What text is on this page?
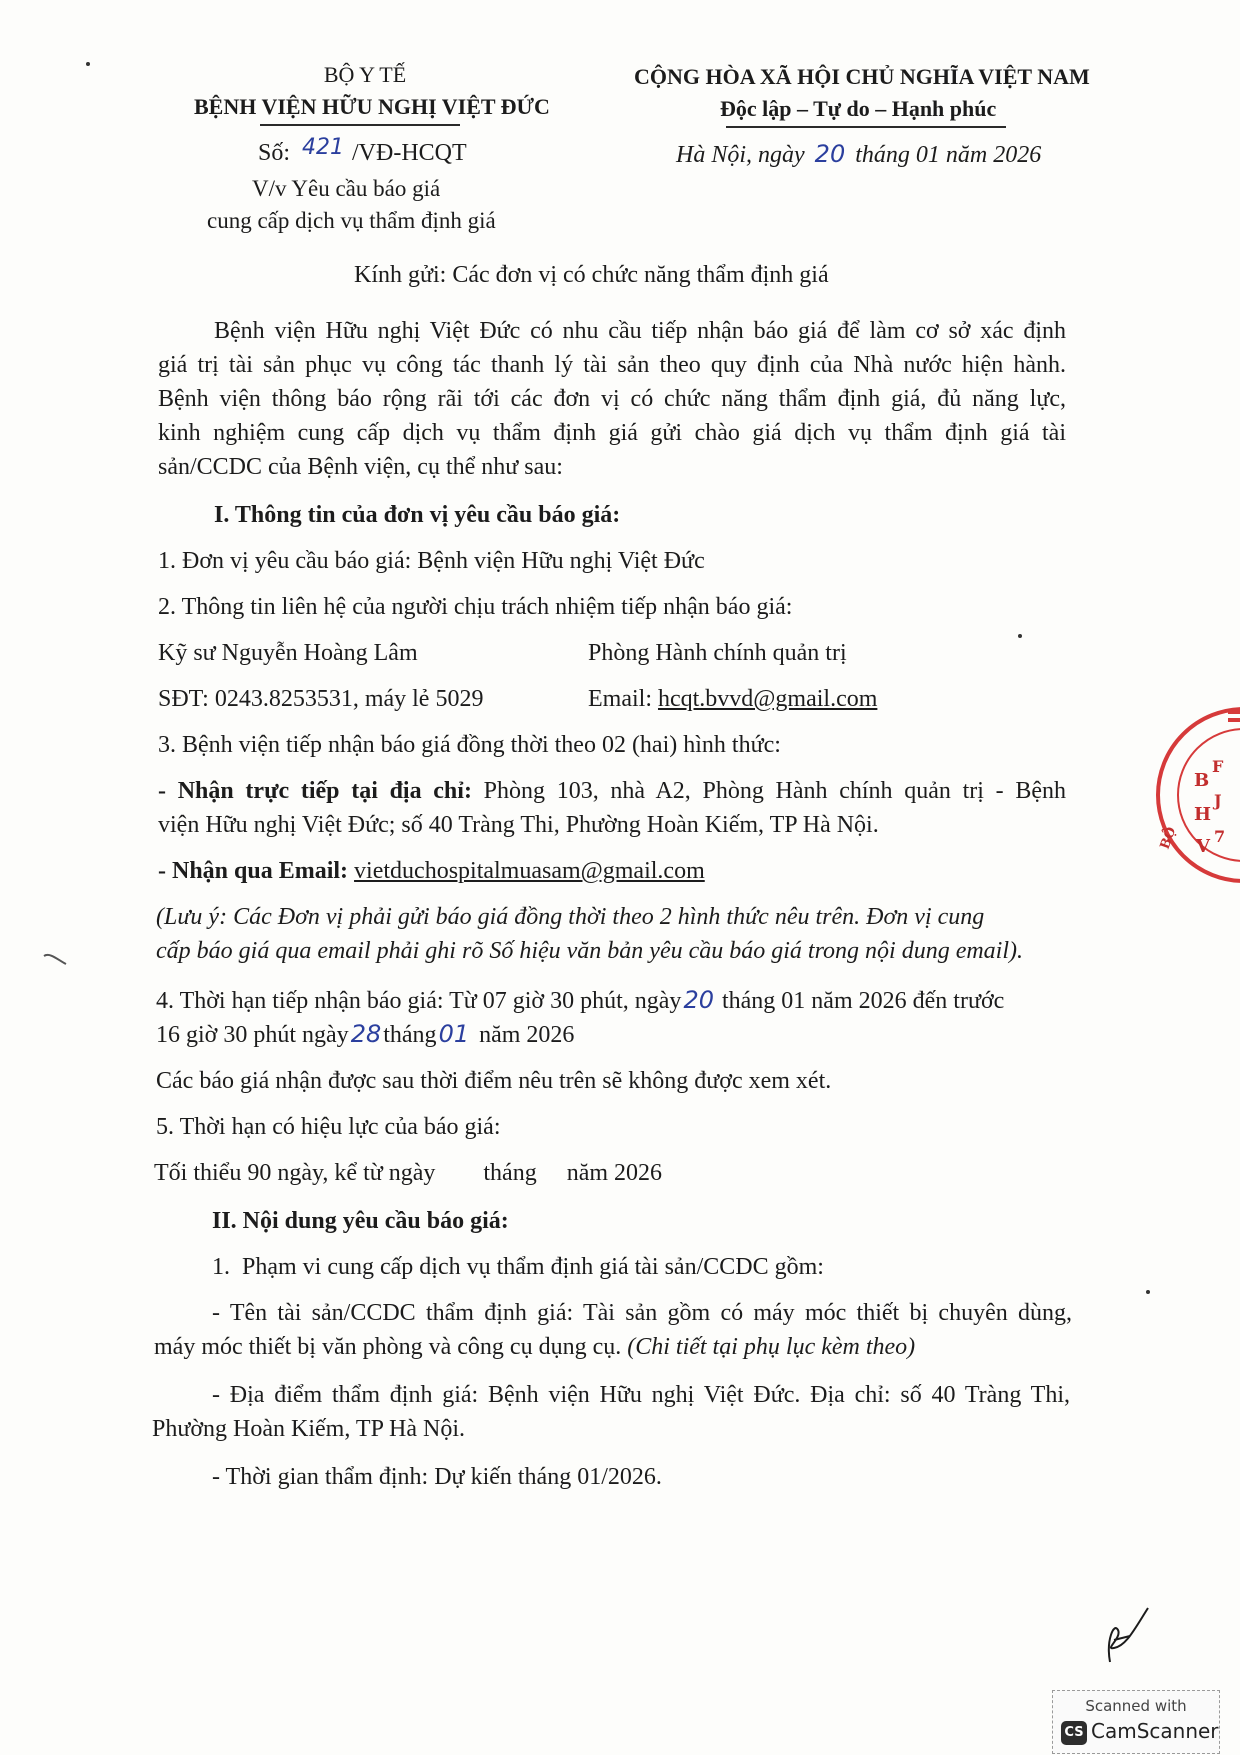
BỘ Y TẾ
BỆNH VIỆN HỮU NGHỊ VIỆT ĐỨC
Số: 421 /VĐ-HCQT
V/v Yêu cầu báo giá
cung cấp dịch vụ thẩm định giá
CỘNG HÒA XÃ HỘI CHỦ NGHĨA VIỆT NAM
Độc lập – Tự do – Hạnh phúc
Hà Nội, ngày 20 tháng 01 năm 2026
Kính gửi: Các đơn vị có chức năng thẩm định giá
Bệnh viện Hữu nghị Việt Đức có nhu cầu tiếp nhận báo giá để làm cơ sở xác định
giá trị tài sản phục vụ công tác thanh lý tài sản theo quy định của Nhà nước hiện hành.
Bệnh viện thông báo rộng rãi tới các đơn vị có chức năng thẩm định giá, đủ năng lực,
kinh nghiệm cung cấp dịch vụ thẩm định giá gửi chào giá dịch vụ thẩm định giá tài
sản/CCDC của Bệnh viện, cụ thể như sau:
I. Thông tin của đơn vị yêu cầu báo giá:
1. Đơn vị yêu cầu báo giá: Bệnh viện Hữu nghị Việt Đức
2. Thông tin liên hệ của người chịu trách nhiệm tiếp nhận báo giá:
Kỹ sư Nguyễn Hoàng Lâm	Phòng Hành chính quản trị
SĐT: 0243.8253531, máy lẻ 5029	Email: hcqt.bvvd@gmail.com
3. Bệnh viện tiếp nhận báo giá đồng thời theo 02 (hai) hình thức:
- Nhận trực tiếp tại địa chỉ: Phòng 103, nhà A2, Phòng Hành chính quản trị - Bệnh
viện Hữu nghị Việt Đức; số 40 Tràng Thi, Phường Hoàn Kiếm, TP Hà Nội.
- Nhận qua Email: vietduchospitalmuasam@gmail.com
(Lưu ý: Các Đơn vị phải gửi báo giá đồng thời theo 2 hình thức nêu trên. Đơn vị cung
cấp báo giá qua email phải ghi rõ Số hiệu văn bản yêu cầu báo giá trong nội dung email).
4. Thời hạn tiếp nhận báo giá: Từ 07 giờ 30 phút, ngày20 tháng 01 năm 2026 đến trước
16 giờ 30 phút ngày28tháng01 năm 2026
Các báo giá nhận được sau thời điểm nêu trên sẽ không được xem xét.
5. Thời hạn có hiệu lực của báo giá:
Tối thiểu 90 ngày, kể từ ngày        tháng     năm 2026
II. Nội dung yêu cầu báo giá:
1.  Phạm vi cung cấp dịch vụ thẩm định giá tài sản/CCDC gồm:
- Tên tài sản/CCDC thẩm định giá: Tài sản gồm có máy móc thiết bị chuyên dùng,
máy móc thiết bị văn phòng và công cụ dụng cụ. (Chi tiết tại phụ lục kèm theo)
- Địa điểm thẩm định giá: Bệnh viện Hữu nghị Việt Đức. Địa chỉ: số 40 Tràng Thi,
Phường Hoàn Kiếm, TP Hà Nội.
- Thời gian thẩm định: Dự kiến tháng 01/2026.
B
H
V
F
J
7
BỘ
Scanned with
CS CamScanner
